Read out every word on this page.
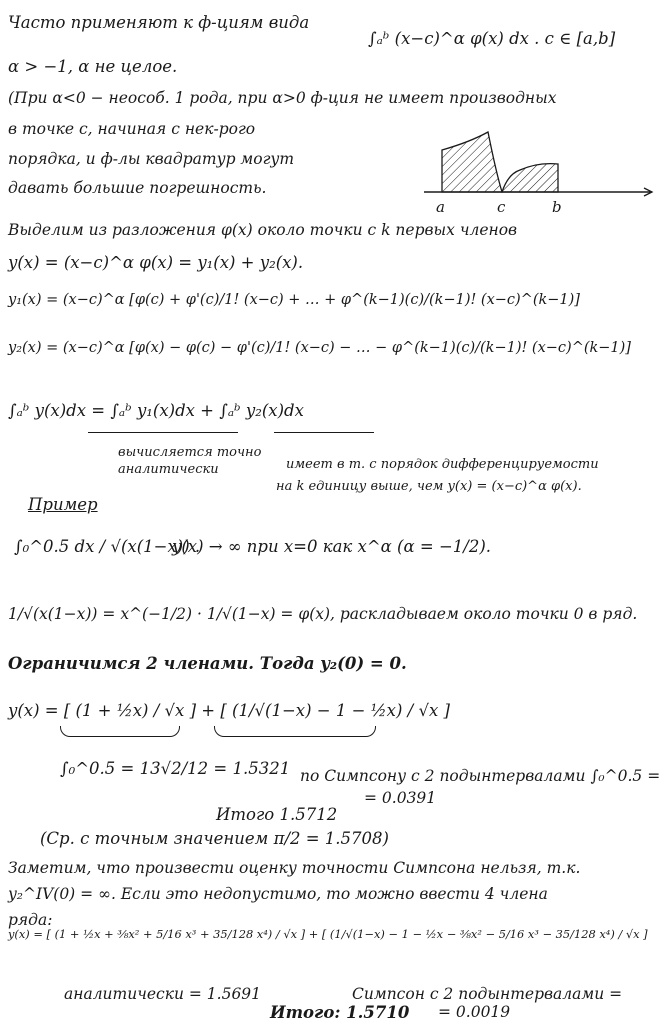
Часто применяют к ф-циям вида
∫ₐᵇ (x−c)^α φ(x) dx . c ∈ [a,b]
α > −1, α не целое.
(При α<0 − неособ. 1 рода, при α>0 ф-ция не имеет производных
в точке c, начиная с нек-рого
порядка, и ф-лы квадратур могут
давать большие погрешность.
a	c	b
Выделим из разложения φ(x) около точки c k первых членов
y(x) = (x−c)^α φ(x) = y₁(x) + y₂(x).
y₁(x) = (x−c)^α [φ(c) + φ'(c)/1! (x−c) + … + φ^(k−1)(c)/(k−1)! (x−c)^(k−1)]
y₂(x) = (x−c)^α [φ(x) − φ(c) − φ'(c)/1! (x−c) − … − φ^(k−1)(c)/(k−1)! (x−c)^(k−1)]
∫ₐᵇ y(x)dx = ∫ₐᵇ y₁(x)dx + ∫ₐᵇ y₂(x)dx
вычисляется точно
аналитически	имеет в т. c порядок дифференцируемости
на k единицу выше, чем y(x) = (x−c)^α φ(x).
Пример
∫₀^0.5 dx / √(x(1−x)) .
y(x) → ∞ при x=0 как x^α (α = −1/2).
1/√(x(1−x)) = x^(−1/2) · 1/√(1−x) = φ(x), раскладываем около точки 0 в ряд.
Ограничимся 2 членами. Тогда y₂(0) = 0.
y(x) = [ (1 + ½x) / √x ] + [ (1/√(1−x) − 1 − ½x) / √x ]
∫₀^0.5 = 13√2/12 = 1.5321 по Симпсону с 2 подынтервалами ∫₀^0.5 =
= 0.0391
Итого 1.5712
(Ср. с точным значением π/2 = 1.5708)
Заметим, что произвести оценку точности Симпсона нельзя, т.к.
y₂^IV(0) = ∞. Если это недопустимо, то можно ввести 4 члена
ряда:
y(x) = [ (1 + ½x + ⅜x² + 5/16 x³ + 35/128 x⁴) / √x ] + [ (1/√(1−x) − 1 − ½x − ⅜x² − 5/16 x³ − 35/128 x⁴) / √x ]
аналитически = 1.5691	Симпсон с 2 подынтервалами =
= 0.0019
Итого: 1.5710
